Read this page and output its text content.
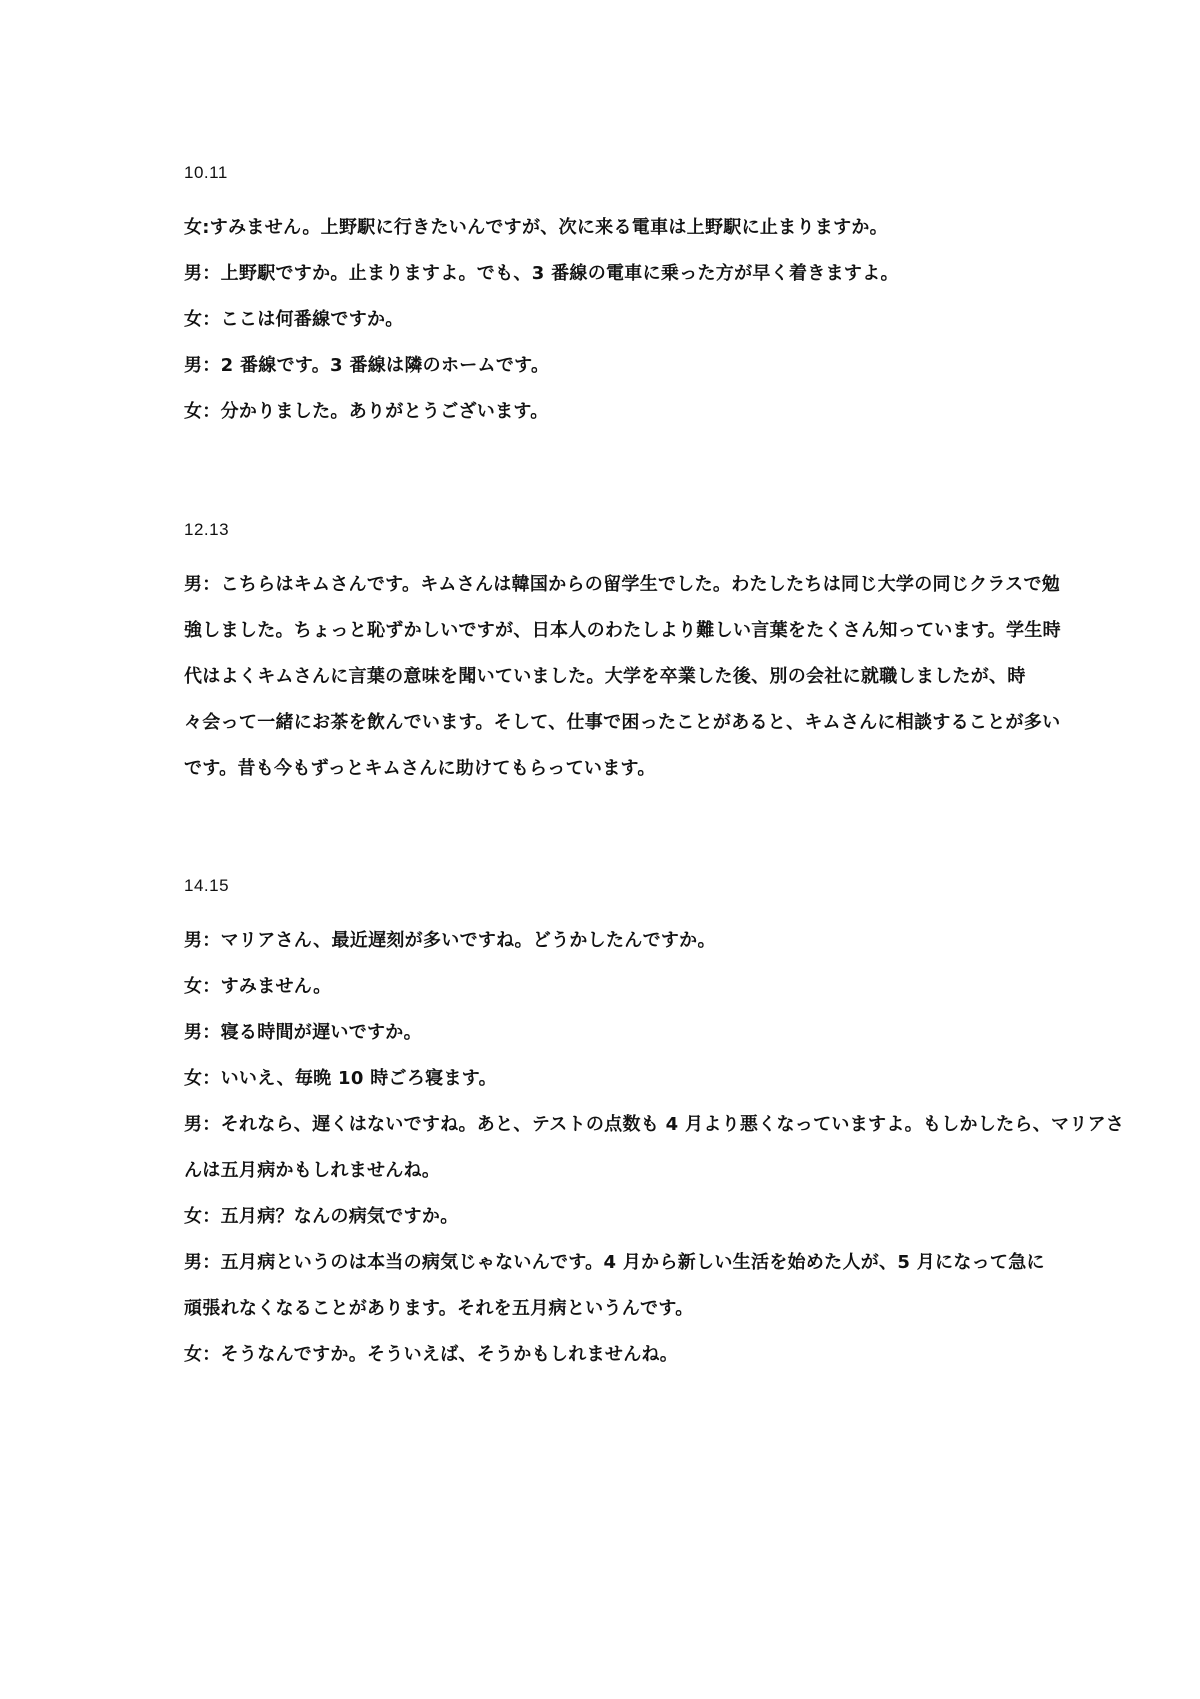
10.11
女:すみません。上野駅に行きたいんですが、次に来る電車は上野駅に止まりますか。
男：上野駅ですか。止まりますよ。でも、3 番線の電車に乗った方が早く着きますよ。
女：ここは何番線ですか。
男：2 番線です。3 番線は隣のホームです。
女：分かりました。ありがとうございます。
12.13
男：こちらはキムさんです。キムさんは韓国からの留学生でした。わたしたちは同じ大学の同じクラスで勉
強しました。ちょっと恥ずかしいですが、日本人のわたしより難しい言葉をたくさん知っています。学生時
代はよくキムさんに言葉の意味を聞いていました。大学を卒業した後、別の会社に就職しましたが、時
々会って一緒にお茶を飲んでいます。そして、仕事で困ったことがあると、キムさんに相談することが多い
です。昔も今もずっとキムさんに助けてもらっています。
14.15
男：マリアさん、最近遅刻が多いですね。どうかしたんですか。
女：すみません。
男：寝る時間が遅いですか。
女：いいえ、毎晩 10 時ごろ寝ます。
男：それなら、遅くはないですね。あと、テストの点数も 4 月より悪くなっていますよ。もしかしたら、マリアさ
んは五月病かもしれませんね。
女：五月病？なんの病気ですか。
男：五月病というのは本当の病気じゃないんです。4 月から新しい生活を始めた人が、5 月になって急に
頑張れなくなることがあります。それを五月病というんです。
女：そうなんですか。そういえば、そうかもしれませんね。
